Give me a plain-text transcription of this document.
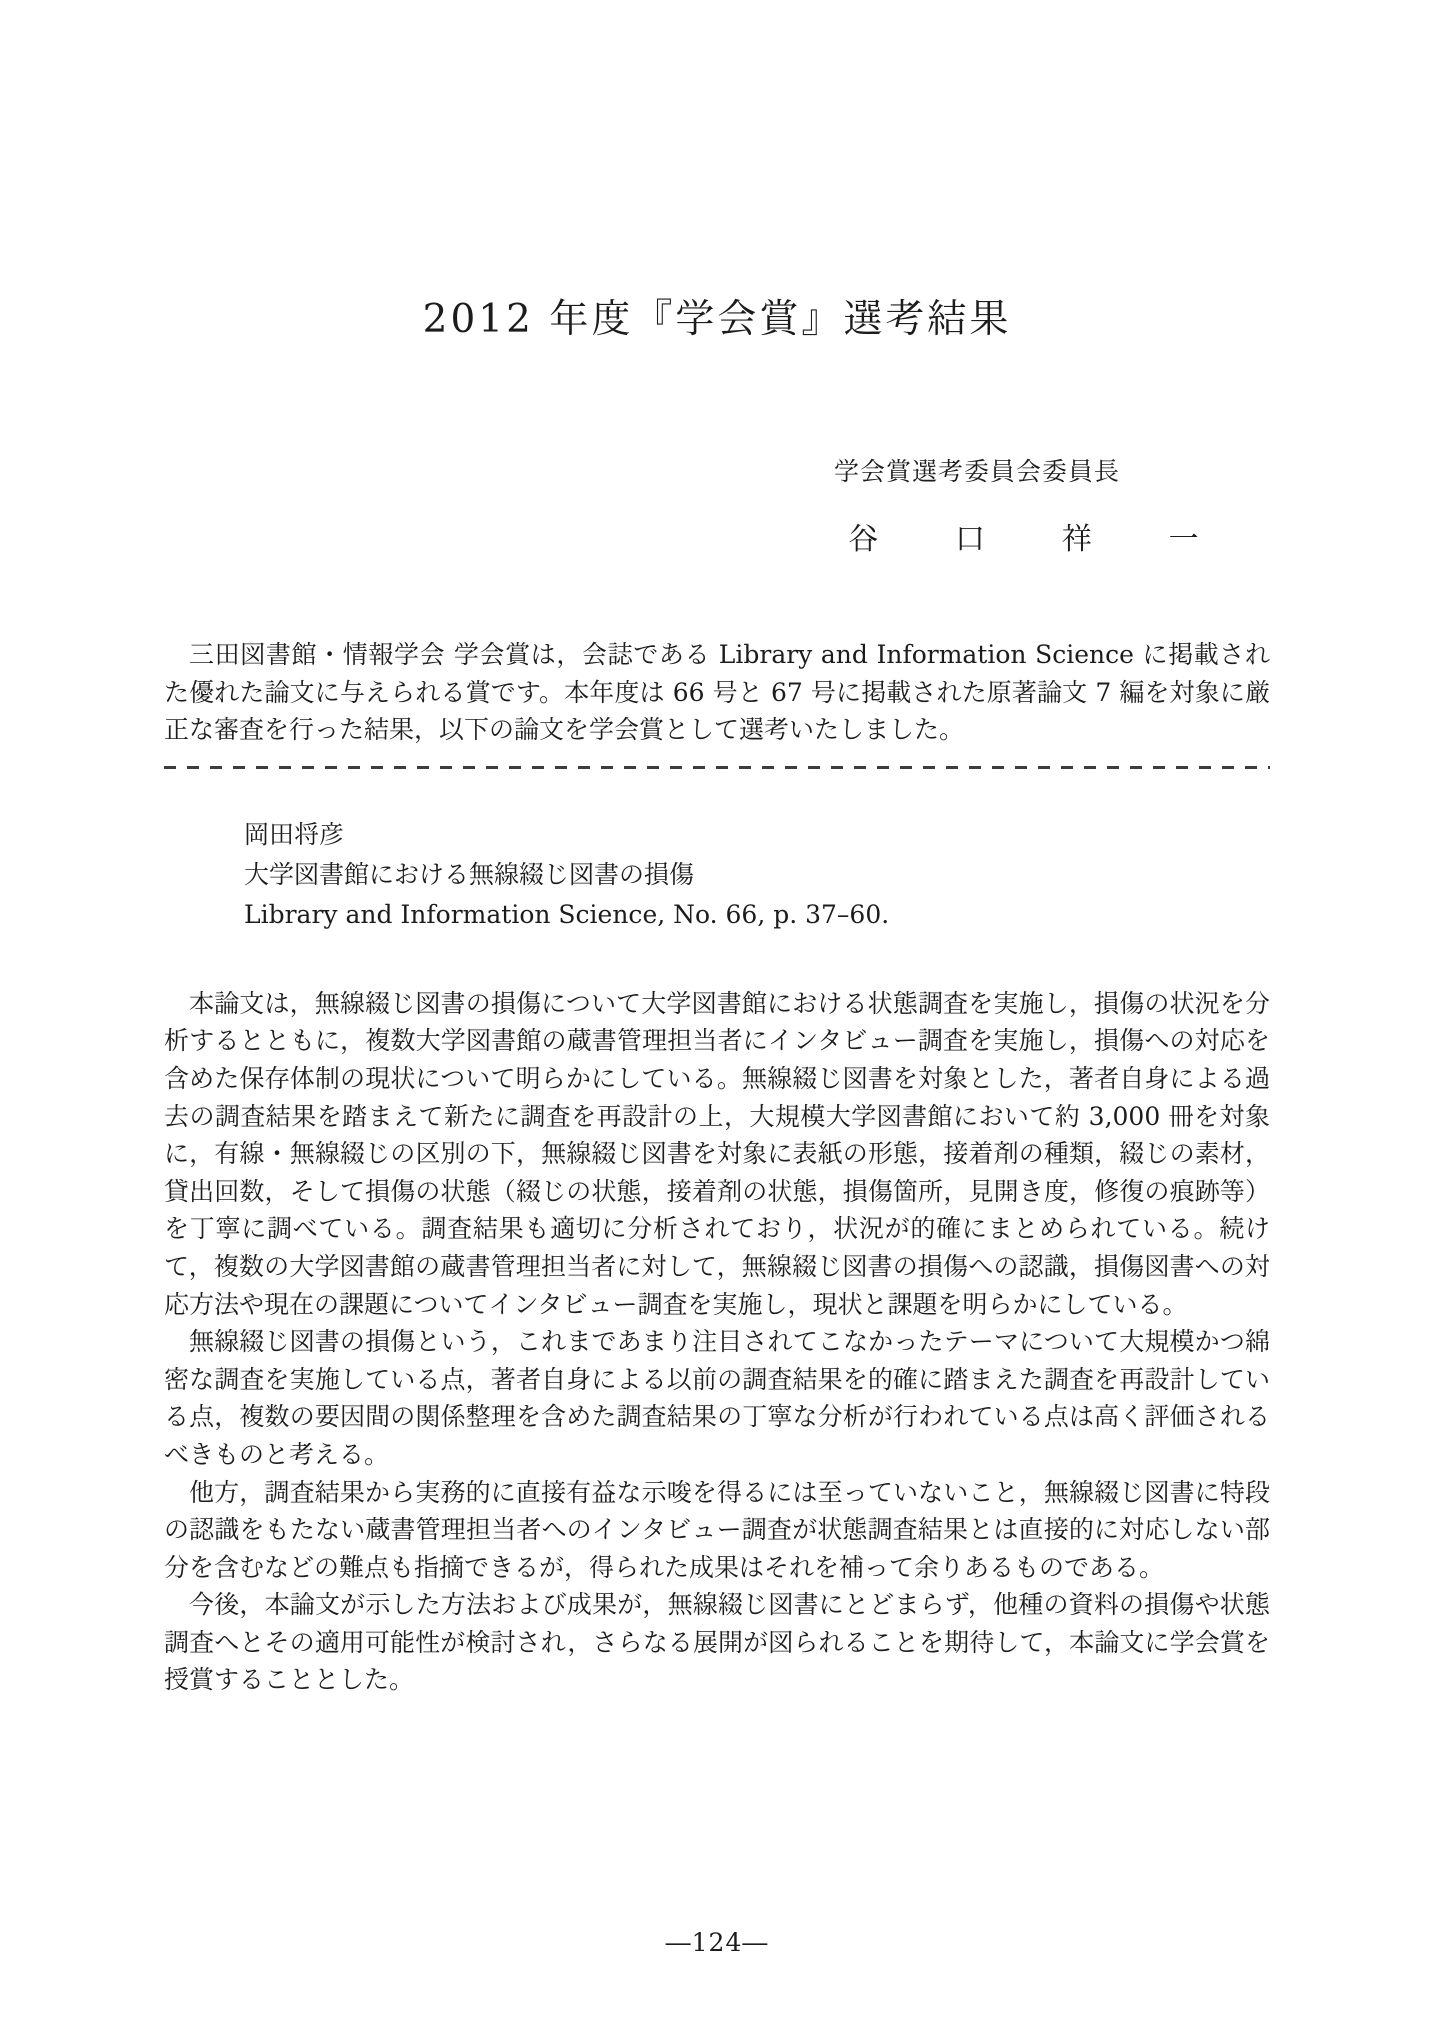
2012 年度『学会賞』選考結果
学会賞選考委員会委員長
谷　口　祥　一

三田図書館・情報学会 学会賞は，会誌である Library and Information Science に掲載された優れた論文に与えられる賞です。本年度は 66 号と 67 号に掲載された原著論文 7 編を対象に厳正な審査を行った結果，以下の論文を学会賞として選考いたしました。

岡田将彦
大学図書館における無線綴じ図書の損傷
Library and Information Science, No. 66, p. 37–60.

本論文は，無線綴じ図書の損傷について大学図書館における状態調査を実施し，損傷の状況を分析するとともに，複数大学図書館の蔵書管理担当者にインタビュー調査を実施し，損傷への対応を含めた保存体制の現状について明らかにしている。無線綴じ図書を対象とした，著者自身による過去の調査結果を踏まえて新たに調査を再設計の上，大規模大学図書館において約 3,000 冊を対象に，有線・無線綴じの区別の下，無線綴じ図書を対象に表紙の形態，接着剤の種類，綴じの素材，貸出回数，そして損傷の状態（綴じの状態，接着剤の状態，損傷箇所，見開き度，修復の痕跡等）を丁寧に調べている。調査結果も適切に分析されており，状況が的確にまとめられている。続けて，複数の大学図書館の蔵書管理担当者に対して，無線綴じ図書の損傷への認識，損傷図書への対応方法や現在の課題についてインタビュー調査を実施し，現状と課題を明らかにしている。

無線綴じ図書の損傷という，これまであまり注目されてこなかったテーマについて大規模かつ綿密な調査を実施している点，著者自身による以前の調査結果を的確に踏まえた調査を再設計している点，複数の要因間の関係整理を含めた調査結果の丁寧な分析が行われている点は高く評価されるべきものと考える。

他方，調査結果から実務的に直接有益な示唆を得るには至っていないこと，無線綴じ図書に特段の認識をもたない蔵書管理担当者へのインタビュー調査が状態調査結果とは直接的に対応しない部分を含むなどの難点も指摘できるが，得られた成果はそれを補って余りあるものである。

今後，本論文が示した方法および成果が，無線綴じ図書にとどまらず，他種の資料の損傷や状態調査へとその適用可能性が検討され，さらなる展開が図られることを期待して，本論文に学会賞を授賞することとした。

―124―
